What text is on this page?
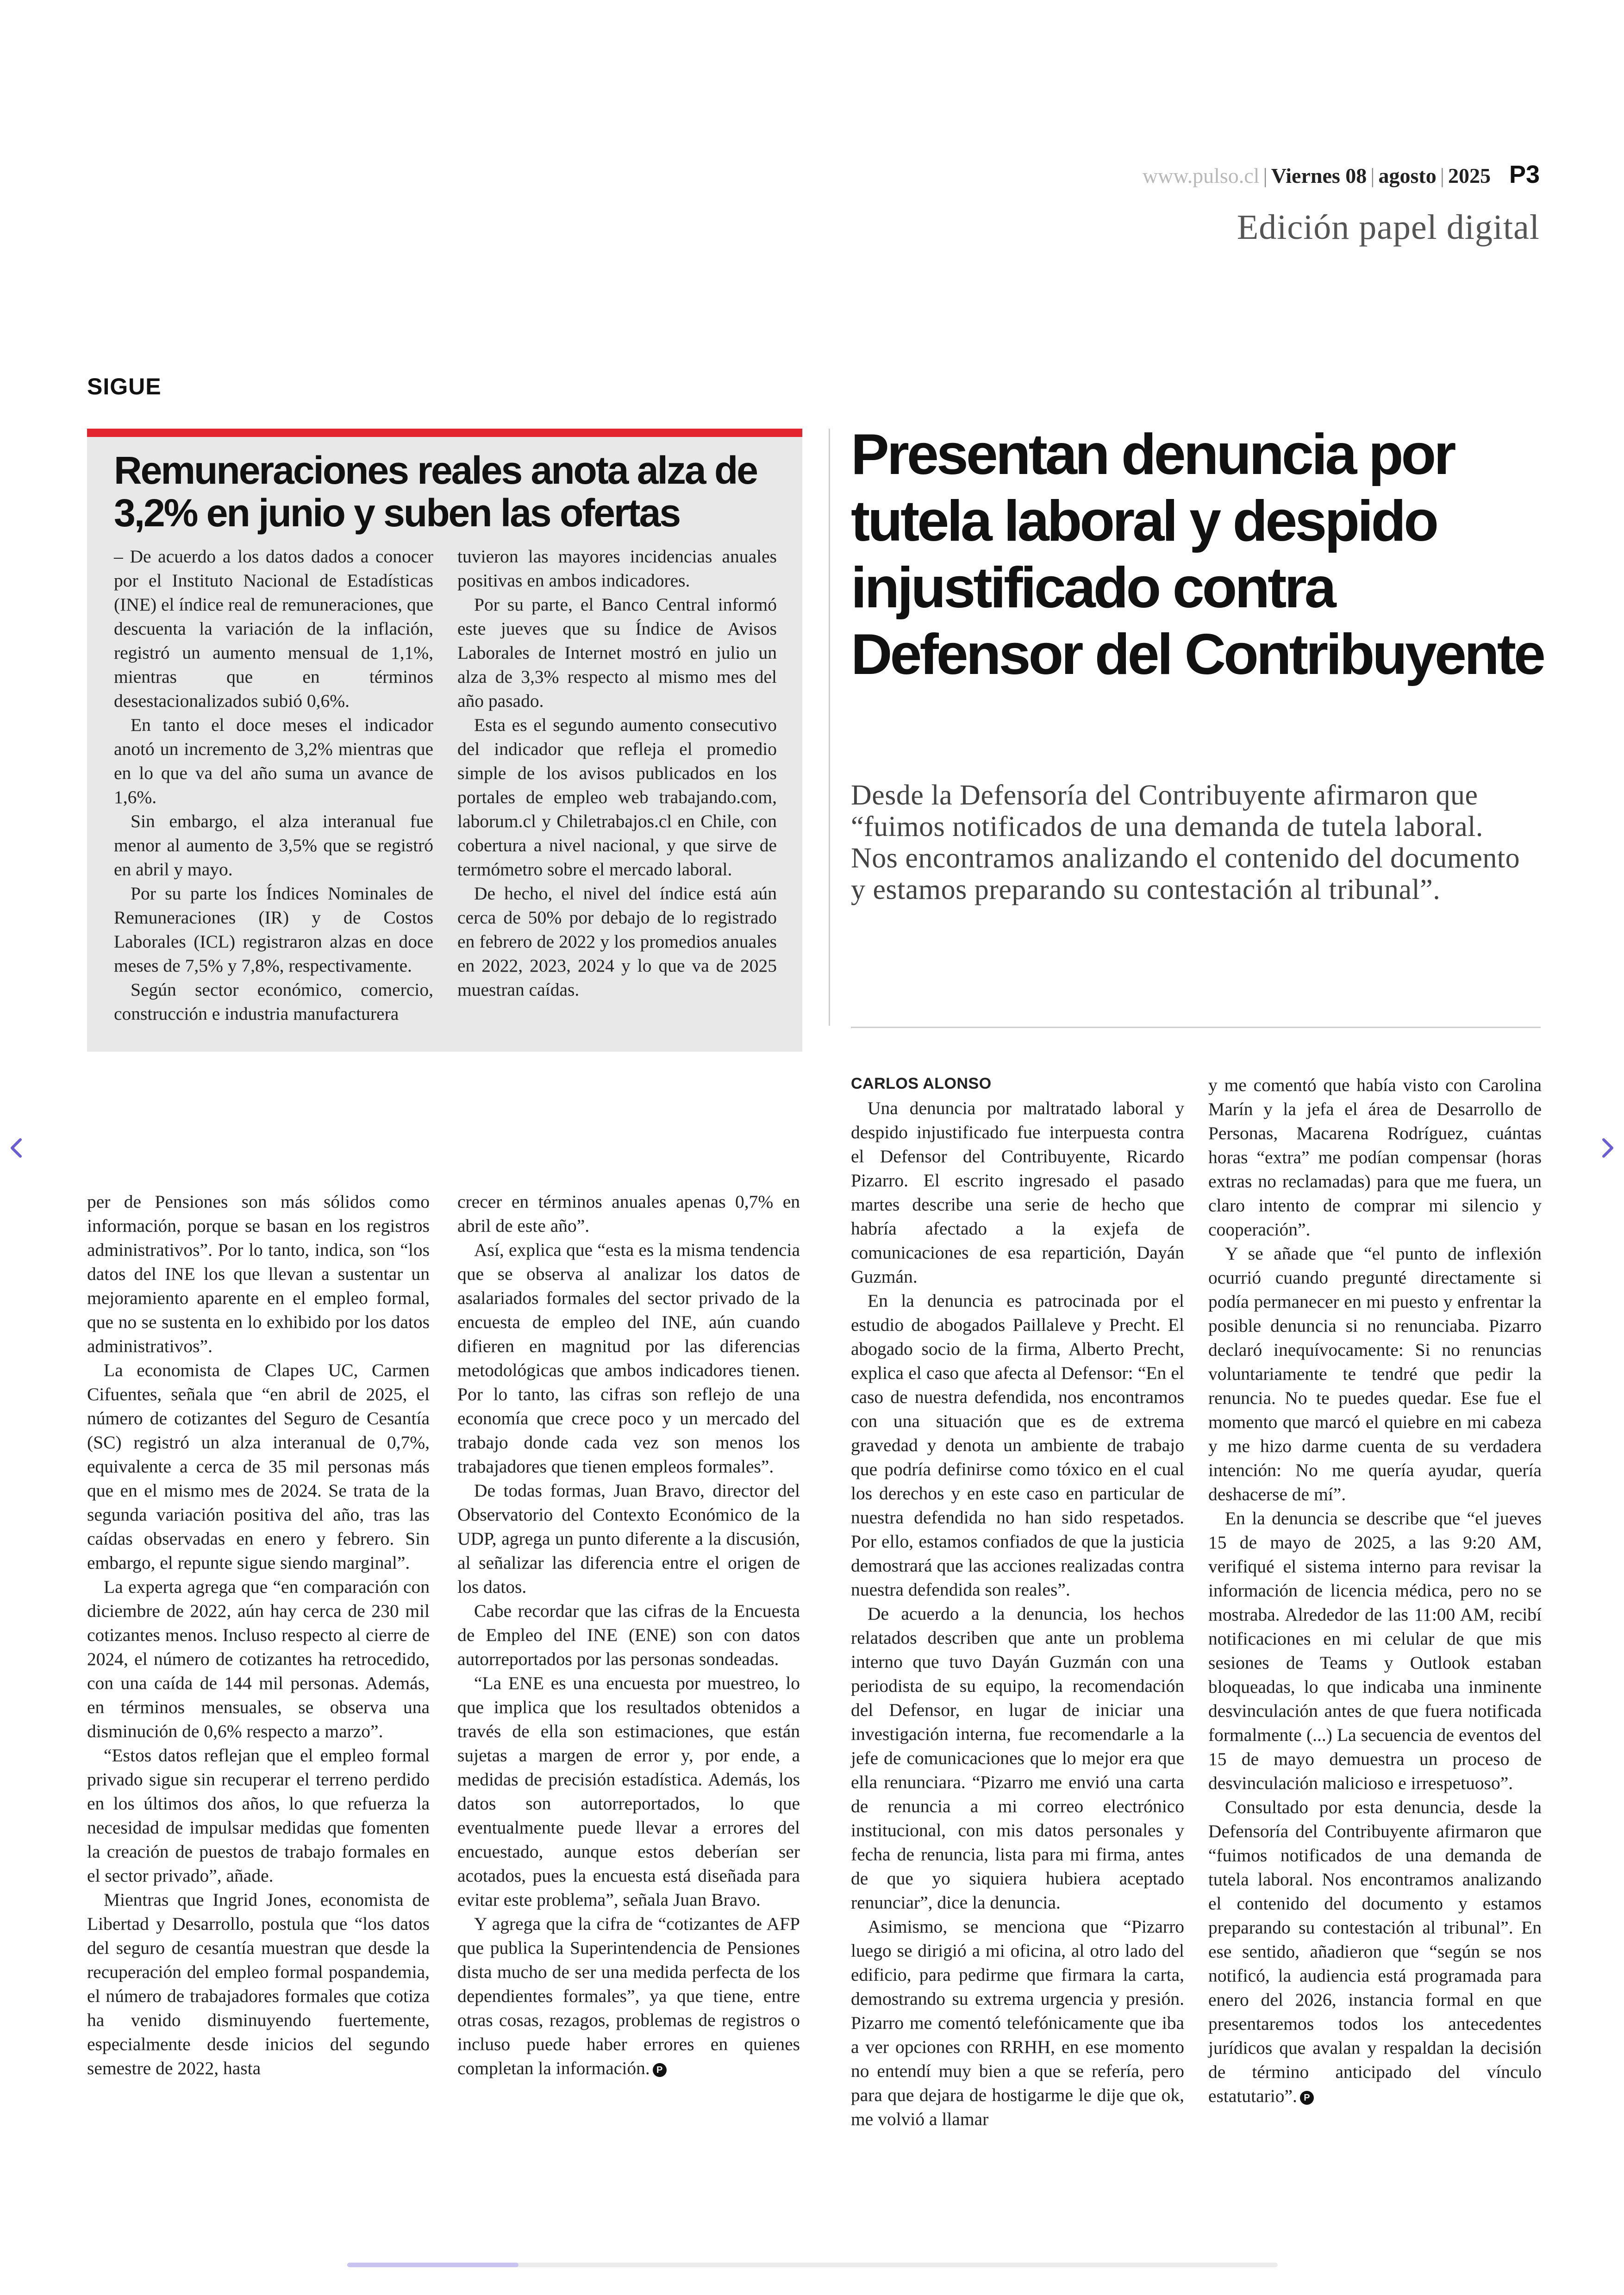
www.pulso.cl | Viernes 08 | agosto | 2025 P3
Edición papel digital
SIGUE
Remuneraciones reales anota alza de 3,2% en junio y suben las ofertas

– De acuerdo a los datos dados a conocer por el Instituto Nacional de Estadísticas (INE) el índice real de remuneraciones, que descuenta la variación de la inflación, registró un aumento mensual de 1,1%, mientras que en términos desestacionalizados subió 0,6%.

En tanto el doce meses el indicador anotó un incremento de 3,2% mientras que en lo que va del año suma un avance de 1,6%.

Sin embargo, el alza interanual fue menor al aumento de 3,5% que se registró en abril y mayo.

Por su parte los Índices Nominales de Remuneraciones (IR) y de Costos Laborales (ICL) registraron alzas en doce meses de 7,5% y 7,8%, respectivamente.

Según sector económico, comercio, construcción e industria manufacturera

tuvieron las mayores incidencias anuales positivas en ambos indicadores.

Por su parte, el Banco Central informó este jueves que su Índice de Avisos Laborales de Internet mostró en julio un alza de 3,3% respecto al mismo mes del año pasado.

Esta es el segundo aumento consecutivo del indicador que refleja el promedio simple de los avisos publicados en los portales de empleo web trabajando.com, laborum.cl y Chiletrabajos.cl en Chile, con cobertura a nivel nacional, y que sirve de termómetro sobre el mercado laboral.

De hecho, el nivel del índice está aún cerca de 50% por debajo de lo registrado en febrero de 2022 y los promedios anuales en 2022, 2023, 2024 y lo que va de 2025 muestran caídas.

Presentan denuncia por tutela laboral y despido injustificado contra Defensor del Contribuyente
Desde la Defensoría del Contribuyente afirmaron que “fuimos notificados de una demanda de tutela laboral. Nos encontramos analizando el contenido del documento y estamos preparando su contestación al tribunal”.

per de Pensiones son más sólidos como información, porque se basan en los registros administrativos”. Por lo tanto, indica, son “los datos del INE los que llevan a sustentar un mejoramiento aparente en el empleo formal, que no se sustenta en lo exhibido por los datos administrativos”.

La economista de Clapes UC, Carmen Cifuentes, señala que “en abril de 2025, el número de cotizantes del Seguro de Cesantía (SC) registró un alza interanual de 0,7%, equivalente a cerca de 35 mil personas más que en el mismo mes de 2024. Se trata de la segunda variación positiva del año, tras las caídas observadas en enero y febrero. Sin embargo, el repunte sigue siendo marginal”.

La experta agrega que “en comparación con diciembre de 2022, aún hay cerca de 230 mil cotizantes menos. Incluso respecto al cierre de 2024, el número de cotizantes ha retrocedido, con una caída de 144 mil personas. Además, en términos mensuales, se observa una disminución de 0,6% respecto a marzo”.

“Estos datos reflejan que el empleo formal privado sigue sin recuperar el terreno perdido en los últimos dos años, lo que refuerza la necesidad de impulsar medidas que fomenten la creación de puestos de trabajo formales en el sector privado”, añade.

Mientras que Ingrid Jones, economista de Libertad y Desarrollo, postula que “los datos del seguro de cesantía muestran que desde la recuperación del empleo formal pospandemia, el número de trabajadores formales que cotiza ha venido disminuyendo fuertemente, especialmente desde inicios del segundo semestre de 2022, hasta

crecer en términos anuales apenas 0,7% en abril de este año”.

Así, explica que “esta es la misma tendencia que se observa al analizar los datos de asalariados formales del sector privado de la encuesta de empleo del INE, aún cuando difieren en magnitud por las diferencias metodológicas que ambos indicadores tienen. Por lo tanto, las cifras son reflejo de una economía que crece poco y un mercado del trabajo donde cada vez son menos los trabajadores que tienen empleos formales”.

De todas formas, Juan Bravo, director del Observatorio del Contexto Económico de la UDP, agrega un punto diferente a la discusión, al señalizar las diferencia entre el origen de los datos.

Cabe recordar que las cifras de la Encuesta de Empleo del INE (ENE) son con datos autorreportados por las personas sondeadas.

“La ENE es una encuesta por muestreo, lo que implica que los resultados obtenidos a través de ella son estimaciones, que están sujetas a margen de error y, por ende, a medidas de precisión estadística. Además, los datos son autorreportados, lo que eventualmente puede llevar a errores del encuestado, aunque estos deberían ser acotados, pues la encuesta está diseñada para evitar este problema”, señala Juan Bravo.

Y agrega que la cifra de “cotizantes de AFP que publica la Superintendencia de Pensiones dista mucho de ser una medida perfecta de los dependientes formales”, ya que tiene, entre otras cosas, rezagos, problemas de registros o incluso puede haber errores en quienes completan la información. P

CARLOS ALONSO

Una denuncia por maltratado laboral y despido injustificado fue interpuesta contra el Defensor del Contribuyente, Ricardo Pizarro. El escrito ingresado el pasado martes describe una serie de hecho que habría afectado a la exjefa de comunicaciones de esa repartición, Dayán Guzmán.

En la denuncia es patrocinada por el estudio de abogados Paillaleve y Precht. El abogado socio de la firma, Alberto Precht, explica el caso que afecta al Defensor: “En el caso de nuestra defendida, nos encontramos con una situación que es de extrema gravedad y denota un ambiente de trabajo que podría definirse como tóxico en el cual los derechos y en este caso en particular de nuestra defendida no han sido respetados. Por ello, estamos confiados de que la justicia demostrará que las acciones realizadas contra nuestra defendida son reales”.

De acuerdo a la denuncia, los hechos relatados describen que ante un problema interno que tuvo Dayán Guzmán con una periodista de su equipo, la recomendación del Defensor, en lugar de iniciar una investigación interna, fue recomendarle a la jefe de comunicaciones que lo mejor era que ella renunciara. “Pizarro me envió una carta de renuncia a mi correo electrónico institucional, con mis datos personales y fecha de renuncia, lista para mi firma, antes de que yo siquiera hubiera aceptado renunciar”, dice la denuncia.

Asimismo, se menciona que “Pizarro luego se dirigió a mi oficina, al otro lado del edificio, para pedirme que firmara la carta, demostrando su extrema urgencia y presión. Pizarro me comentó telefónicamente que iba a ver opciones con RRHH, en ese momento no entendí muy bien a que se refería, pero para que dejara de hostigarme le dije que ok, me volvió a llamar

y me comentó que había visto con Carolina Marín y la jefa el área de Desarrollo de Personas, Macarena Rodríguez, cuántas horas “extra” me podían compensar (horas extras no reclamadas) para que me fuera, un claro intento de comprar mi silencio y cooperación”.

Y se añade que “el punto de inflexión ocurrió cuando pregunté directamente si podía permanecer en mi puesto y enfrentar la posible denuncia si no renunciaba. Pizarro declaró inequívocamente: Si no renuncias voluntariamente te tendré que pedir la renuncia. No te puedes quedar. Ese fue el momento que marcó el quiebre en mi cabeza y me hizo darme cuenta de su verdadera intención: No me quería ayudar, quería deshacerse de mí”.

En la denuncia se describe que “el jueves 15 de mayo de 2025, a las 9:20 AM, verifiqué el sistema interno para revisar la información de licencia médica, pero no se mostraba. Alrededor de las 11:00 AM, recibí notificaciones en mi celular de que mis sesiones de Teams y Outlook estaban bloqueadas, lo que indicaba una inminente desvinculación antes de que fuera notificada formalmente (...) La secuencia de eventos del 15 de mayo demuestra un proceso de desvinculación malicioso e irrespetuoso”.

Consultado por esta denuncia, desde la Defensoría del Contribuyente afirmaron que “fuimos notificados de una demanda de tutela laboral. Nos encontramos analizando el contenido del documento y estamos preparando su contestación al tribunal”. En ese sentido, añadieron que “según se nos notificó, la audiencia está programada para enero del 2026, instancia formal en que presentaremos todos los antecedentes jurídicos que avalan y respaldan la decisión de término anticipado del vínculo estatutario”. P
